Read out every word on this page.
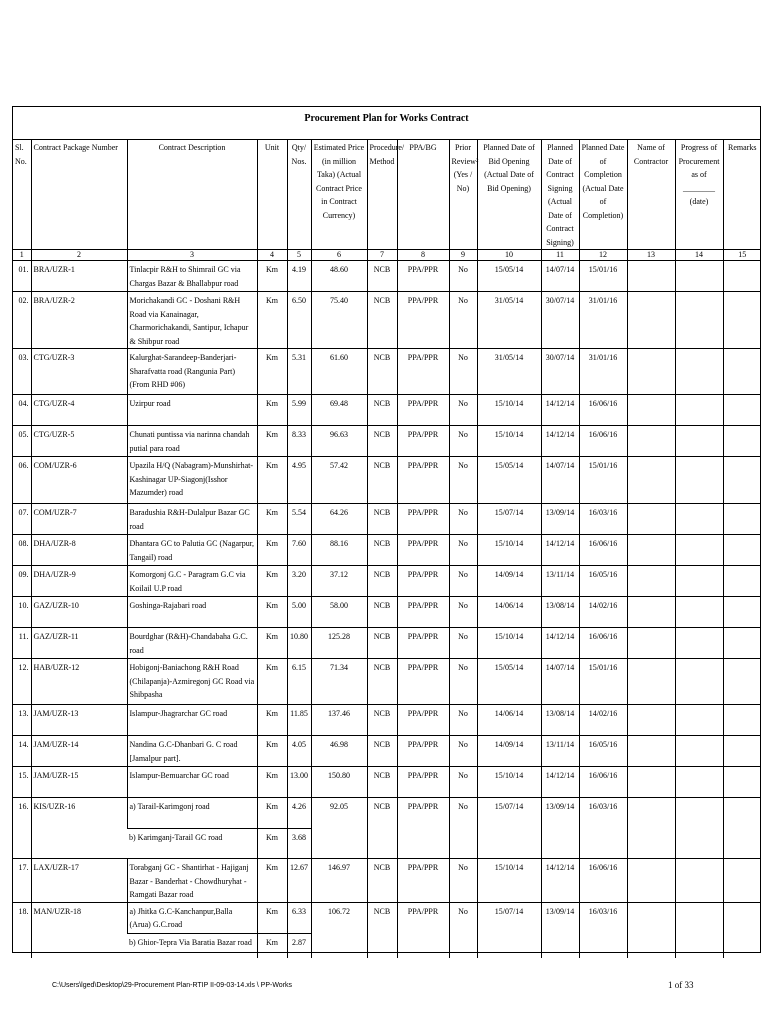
Procurement Plan for Works Contract
Sl. No.	Contract Package Number	Contract Description	Unit	Qty/ Nos.	Estimated Price (in million Taka) (Actual Contract Price in Contract Currency)	Procedure/ Method	PPA/BG	Prior Review² (Yes / No)	Planned Date of Bid Opening (Actual Date of Bid Opening)	Planned Date of Contract Signing (Actual Date of Contract Signing)	Planned Date of Completion (Actual Date of Completion)	Name of Contractor	Progress of Procurement as of ________ (date)	Remarks
1	2	3	4	5	6	7	8	9	10	11	12	13	14	15
01.	BRA/UZR-1	Tinlacpir R&H to Shimrail GC via Chargas Bazar & Bhallabpur road	Km	4.19	48.60	NCB	PPA/PPR	No	15/05/14	14/07/14	15/01/16			
02.	BRA/UZR-2	Morichakandi GC - Doshani R&H Road via Kanainagar, Charmorichakandi, Santipur, Ichapur & Shibpur road	Km	6.50	75.40	NCB	PPA/PPR	No	31/05/14	30/07/14	31/01/16			
03.	CTG/UZR-3	Kalurghat-Sarandeep-Banderjari-Sharafvatta road (Rangunia Part) (From RHD #06)	Km	5.31	61.60	NCB	PPA/PPR	No	31/05/14	30/07/14	31/01/16			
04.	CTG/UZR-4	Uzirpur road	Km	5.99	69.48	NCB	PPA/PPR	No	15/10/14	14/12/14	16/06/16			
05.	CTG/UZR-5	Chunati puntissa via narinna chandah putial para road	Km	8.33	96.63	NCB	PPA/PPR	No	15/10/14	14/12/14	16/06/16			
06.	COM/UZR-6	Upazila H/Q (Nabagram)-Munshirhat-Kashinagar UP-Siagonj(Isshor Mazumder) road	Km	4.95	57.42	NCB	PPA/PPR	No	15/05/14	14/07/14	15/01/16			
07.	COM/UZR-7	Baradushia R&H-Dulalpur Bazar GC road	Km	5.54	64.26	NCB	PPA/PPR	No	15/07/14	13/09/14	16/03/16			
08.	DHA/UZR-8	Dhantara GC to Palutia GC (Nagarpur, Tangail) road	Km	7.60	88.16	NCB	PPA/PPR	No	15/10/14	14/12/14	16/06/16			
09.	DHA/UZR-9	Komorgonj G.C - Paragram G.C via Koilail U.P road	Km	3.20	37.12	NCB	PPA/PPR	No	14/09/14	13/11/14	16/05/16			
10.	GAZ/UZR-10	Goshinga-Rajabari road	Km	5.00	58.00	NCB	PPA/PPR	No	14/06/14	13/08/14	14/02/16			
11.	GAZ/UZR-11	Bourdghar (R&H)-Chandabaha G.C. road	Km	10.80	125.28	NCB	PPA/PPR	No	15/10/14	14/12/14	16/06/16			
12.	HAB/UZR-12	Hobigonj-Baniachong R&H Road (Chilapanja)-Azmiregonj GC Road via Shibpasha	Km	6.15	71.34	NCB	PPA/PPR	No	15/05/14	14/07/14	15/01/16			
13.	JAM/UZR-13	Islampur-Jhagrarchar GC road	Km	11.85	137.46	NCB	PPA/PPR	No	14/06/14	13/08/14	14/02/16			
14.	JAM/UZR-14	Nandina G.C-Dhanbari G. C road [Jamalpur part].	Km	4.05	46.98	NCB	PPA/PPR	No	14/09/14	13/11/14	16/05/16			
15.	JAM/UZR-15	Islampur-Bemuarchar GC road	Km	13.00	150.80	NCB	PPA/PPR	No	15/10/14	14/12/14	16/06/16			
16.	KIS/UZR-16	a) Tarail-Karimgonj road	Km	4.26	92.05	NCB	PPA/PPR	No	15/07/14	13/09/14	16/03/16			
		b) Karimganj-Tarail GC road	Km	3.68										
17.	LAX/UZR-17	Torabganj GC - Shantirhat - Hajiganj Bazar - Banderhat - Chowdhuryhat - Ramgati Bazar road	Km	12.67	146.97	NCB	PPA/PPR	No	15/10/14	14/12/14	16/06/16			
18.	MAN/UZR-18	a) Jhitka G.C-Kanchanpur,Balla (Arua) G.C.road	Km	6.33	106.72	NCB	PPA/PPR	No	15/07/14	13/09/14	16/03/16			
		b) Ghior-Tepra Via Baratia Bazar road	Km	2.87										
C:\Users\lged\Desktop\29-Procurement Plan-RTIP II-09-03-14.xls \ PP-Works	1 of 33
